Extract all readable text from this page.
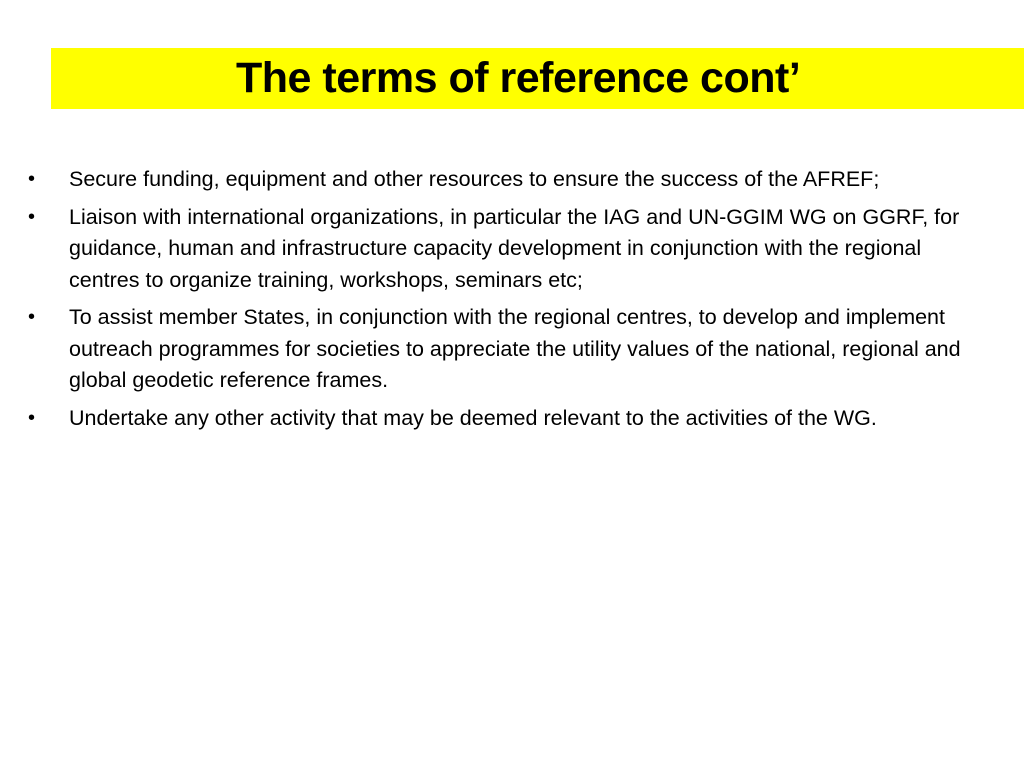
The terms of reference cont’
• Secure funding, equipment and other resources to ensure the success of the AFREF;
• Liaison with international organizations, in particular the IAG and UN-GGIM WG on GGRF, for guidance, human and infrastructure capacity development in conjunction with the regional centres to organize training, workshops, seminars etc;
• To assist member States, in conjunction with the regional centres, to develop and implement outreach programmes for societies to appreciate the utility values of the national, regional and global geodetic reference frames.
• Undertake any other activity that may be deemed relevant to the activities of the WG.
